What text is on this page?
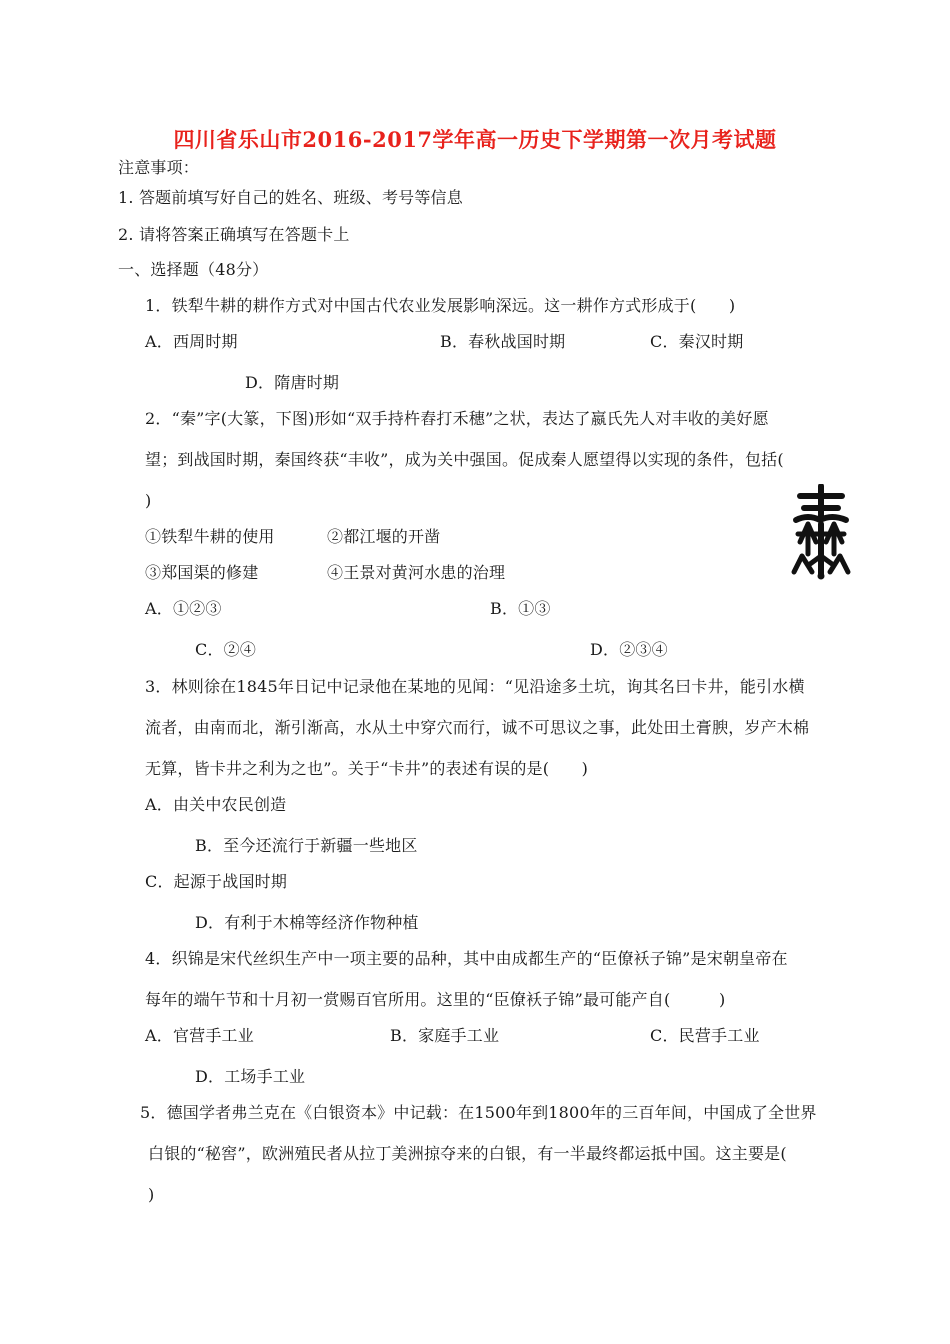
四川省乐山市2016-2017学年高一历史下学期第一次月考试题
注意事项：
1. 答题前填写好自己的姓名、班级、考号等信息
2. 请将答案正确填写在答题卡上
一、选择题（48分）
1．铁犁牛耕的耕作方式对中国古代农业发展影响深远。这一耕作方式形成于(　　)
A．西周时期	B．春秋战国时期	C．秦汉时期
D．隋唐时期
2．“秦”字(大篆，下图)形如“双手持杵舂打禾穗”之状，表达了嬴氏先人对丰收的美好愿
望；到战国时期，秦国终获“丰收”，成为关中强国。促成秦人愿望得以实现的条件，包括(
)
①铁犁牛耕的使用	②都江堰的开凿
③郑国渠的修建	④王景对黄河水患的治理
A．①②③	B．①③
C．②④	D．②③④
3．林则徐在1845年日记中记录他在某地的见闻：“见沿途多土坑，询其名曰卡井，能引水横
流者，由南而北，渐引渐高，水从土中穿穴而行，诚不可思议之事，此处田土膏腴，岁产木棉
无算，皆卡井之利为之也”。关于“卡井”的表述有误的是(　　)
A．由关中农民创造
B．至今还流行于新疆一些地区
C．起源于战国时期
D．有利于木棉等经济作物种植
4．织锦是宋代丝织生产中一项主要的品种，其中由成都生产的“臣僚袄子锦”是宋朝皇帝在
每年的端午节和十月初一赏赐百官所用。这里的“臣僚袄子锦”最可能产自(　　　)
A．官营手工业	B．家庭手工业	C．民营手工业
D．工场手工业
5．德国学者弗兰克在《白银资本》中记载：在1500年到1800年的三百年间，中国成了全世界
白银的“秘窖”，欧洲殖民者从拉丁美洲掠夺来的白银，有一半最终都运抵中国。这主要是(
)
